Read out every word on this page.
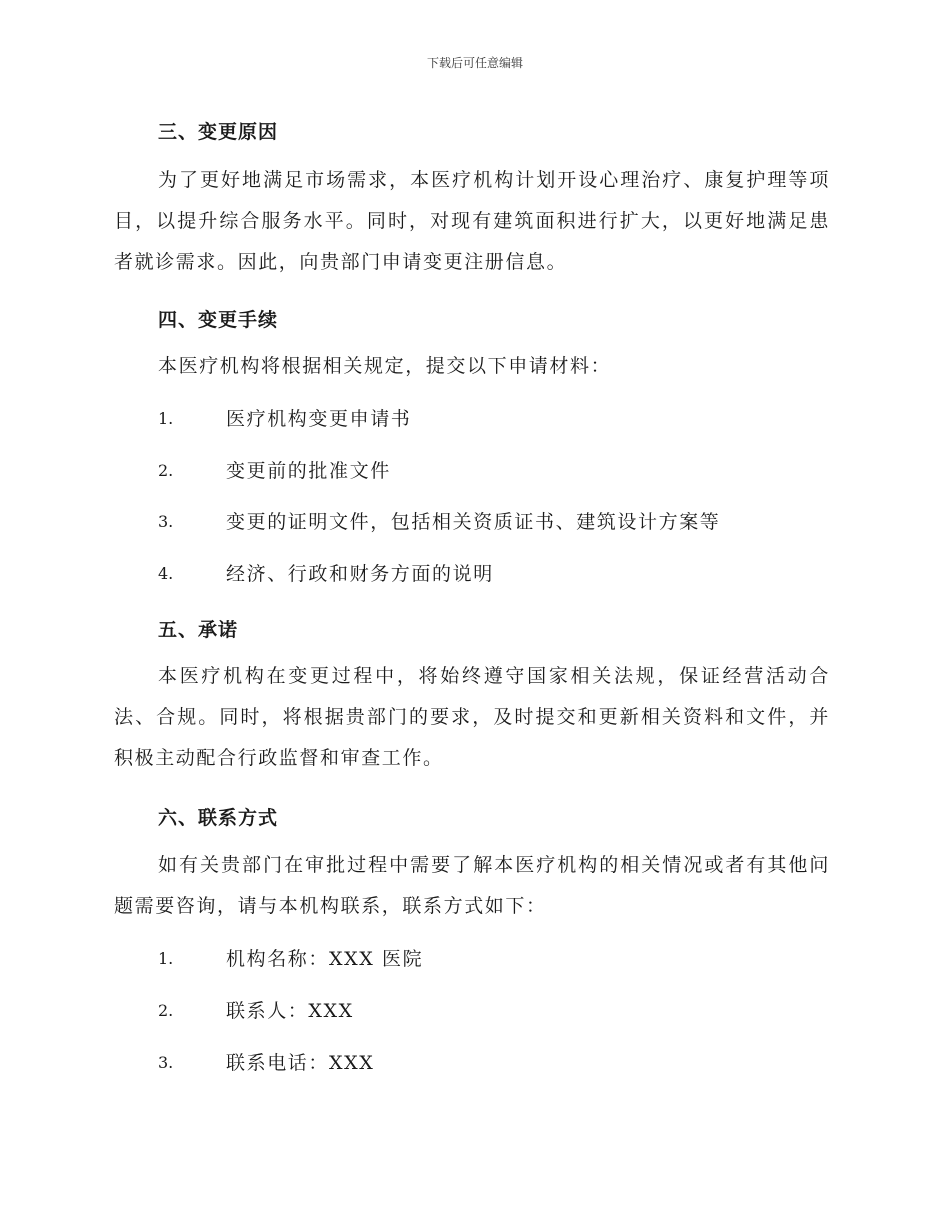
下载后可任意编辑
三、变更原因
为了更好地满足市场需求，本医疗机构计划开设心理治疗、康复护理等项目，以提升综合服务水平。同时，对现有建筑面积进行扩大，以更好地满足患者就诊需求。因此，向贵部门申请变更注册信息。
四、变更手续
本医疗机构将根据相关规定，提交以下申请材料：
1.	医疗机构变更申请书
2.	变更前的批准文件
3.	变更的证明文件，包括相关资质证书、建筑设计方案等
4.	经济、行政和财务方面的说明
五、承诺
本医疗机构在变更过程中，将始终遵守国家相关法规，保证经营活动合法、合规。同时，将根据贵部门的要求，及时提交和更新相关资料和文件，并积极主动配合行政监督和审查工作。
六、联系方式
如有关贵部门在审批过程中需要了解本医疗机构的相关情况或者有其他问题需要咨询，请与本机构联系，联系方式如下：
1.	机构名称：XXX 医院
2.	联系人：XXX
3.	联系电话：XXX
